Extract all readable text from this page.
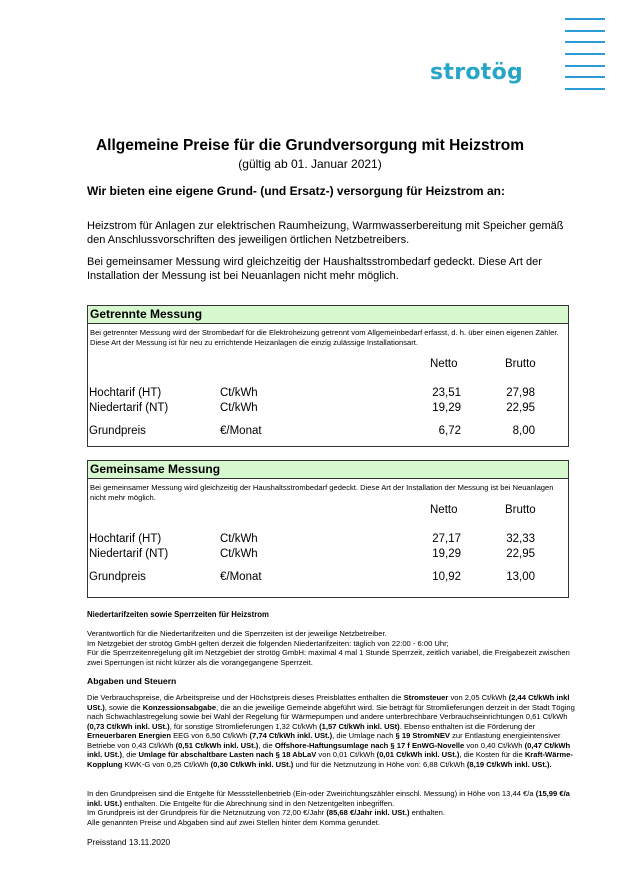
strotög
Allgemeine Preise für die Grundversorgung mit Heizstrom
(gültig ab 01. Januar 2021)
Wir bieten eine eigene Grund- (und Ersatz-) versorgung für Heizstrom an:
Heizstrom für Anlagen zur elektrischen Raumheizung, Warmwasserbereitung mit Speicher gemäß den Anschlussvorschriften des jeweiligen örtlichen Netzbetreibers.
Bei gemeinsamer Messung wird gleichzeitig der Haushaltsstrombedarf gedeckt. Diese Art der Installation der Messung ist bei Neuanlagen nicht mehr möglich.
Getrennte Messung
Bei getrennter Messung wird der Strombedarf für die Elektroheizung getrennt vom Allgemeinbedarf erfasst, d. h. über einen eigenen Zähler. Diese Art der Messung ist für neu zu errichtende Heizanlagen die einzig zulässige Installationsart.
Netto	Brutto
Hochtarif (HT)	Ct/kWh	23,51	27,98
Niedertarif (NT)	Ct/kWh	19,29	22,95
Grundpreis	€/Monat	6,72	8,00
Gemeinsame Messung
Bei gemeinsamer Messung wird gleichzeitig der Haushaltsstrombedarf gedeckt. Diese Art der Installation der Messung ist bei Neuanlagen nicht mehr möglich.
Netto	Brutto
Hochtarif (HT)	Ct/kWh	27,17	32,33
Niedertarif (NT)	Ct/kWh	19,29	22,95
Grundpreis	€/Monat	10,92	13,00
Niedertarifzeiten sowie Sperrzeiten für Heizstrom
Verantwortlich für die Niedertarifzeiten und die Sperrzeiten ist der jeweilige Netzbetreiber.
Im Netzgebiet der strotög GmbH gelten derzeit die folgenden Niedertarifzeiten: täglich von 22:00 - 6:00 Uhr;
Für die Sperrzeitenregelung gilt im Netzgebiet der strotög GmbH: maximal 4 mal 1 Stunde Sperrzeit, zeitlich variabel, die Freigabezeit zwischen zwei Sperrungen ist nicht kürzer als die vorangegangene Sperrzeit.
Abgaben und Steuern
Die Verbrauchspreise, die Arbeitspreise und der Höchstpreis dieses Preisblattes enthalten die Stromsteuer von 2,05 Ct/kWh (2,44 Ct/kWh inkl USt.), sowie die Konzessionsabgabe, die an die jeweilige Gemeinde abgeführt wird. Sie beträgt für Stromlieferungen derzeit in der Stadt Töging nach Schwachlastregelung sowie bei Wahl der Regelung für Wärmepumpen und andere unterbrechbare Verbrauchseinrichtungen 0,61 Ct/kWh (0,73 Ct/kWh inkl. USt.), für sonstige Stromlieferungen 1,32 Ct/kWh (1,57 Ct/kWh inkl. USt). Ebenso enthalten ist die Förderung der Erneuerbaren Energien EEG von 6,50 Ct/kWh (7,74 Ct/kWh inkl. USt.), die Umlage nach § 19 StromNEV zur Entlastung energieintensiver Betriebe von 0,43 Ct/kWh (0,51 Ct/kWh inkl. USt.), die Offshore-Haftungsumlage nach § 17 f EnWG-Novelle von 0,40 Ct/kWh (0,47 Ct/kWh inkl. USt.), die Umlage für abschaltbare Lasten nach § 18 AbLaV von 0,01 Ct/kWh (0,01 Ct/kWh inkl. USt.), die Kosten für die Kraft-Wärme-Kopplung KWK-G von 0,25 Ct/kWh (0,30 Ct/kWh inkl. USt.) und für die Netznutzung in Höhe von: 6,88 Ct/kWh (8,19 Ct/kWh inkl. USt.).
In den Grundpreisen sind die Entgelte für Messstellenbetrieb (Ein-oder Zweirichtungszähler einschl. Messung) in Höhe von 13,44 €/a (15,99 €/a inkl. USt.) enthalten. Die Entgelte für die Abrechnung sind in den Netzentgelten inbegriffen.
Im Grundpreis ist der Grundpreis für die Netznutzung von 72,00 €/Jahr (85,68 €/Jahr inkl. USt.) enthalten.
Alle genannten Preise und Abgaben sind auf zwei Stellen hinter dem Komma gerundet.
Preisstand 13.11.2020
